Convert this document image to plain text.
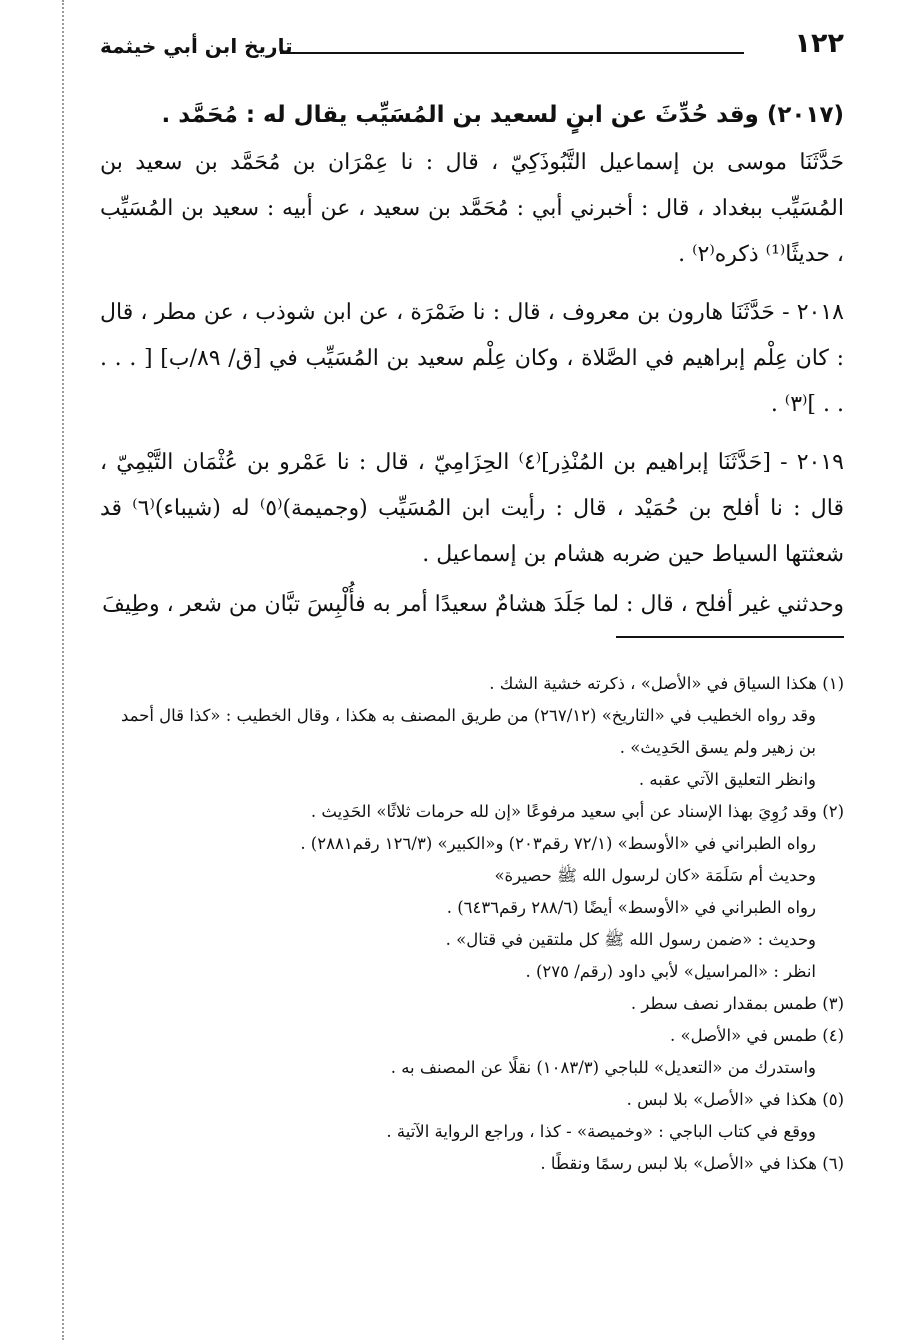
تاريخ ابن أبي خيثمة	١٢٢

(٢٠١٧) وقد حُدِّثَ عن ابنٍ لسعيد بن المُسَيِّب يقال له : مُحَمَّد .

حَدَّثَنَا موسى بن إسماعيل التَّبُوذَكِيّ ، قال : نا عِمْرَان بن مُحَمَّد بن سعيد بن المُسَيِّب ببغداد ، قال : أخبرني أبي : مُحَمَّد بن سعيد ، عن أبيه : سعيد بن المُسَيِّب ، حديثًا⁽¹⁾ ذكره⁽٢⁾ .

٢٠١٨ - حَدَّثَنَا هارون بن معروف ، قال : نا ضَمْرَة ، عن ابن شوذب ، عن مطر ، قال : كان عِلْم إبراهيم في الصَّلاة ، وكان عِلْم سعيد بن المُسَيِّب في [ق/ ٨٩/ب] [ . . . . . ]⁽٣⁾ .

٢٠١٩ - [حَدَّثَنَا إبراهيم بن المُنْذِر]⁽٤⁾ الحِزَامِيّ ، قال : نا عَمْرو بن عُثْمَان التَّيْمِيّ ، قال : نا أفلح بن حُمَيْد ، قال : رأيت ابن المُسَيِّب (وجميمة)⁽٥⁾ له (شيباء)⁽٦⁾ قد شعثتها السياط حين ضربه هشام بن إسماعيل .

وحدثني غير أفلح ، قال : لما جَلَدَ هشامٌ سعيدًا أمر به فأُلْبِسَ تبَّان من شعر ، وطِيفَ

(١) هكذا السياق في «الأصل» ، ذكرته خشية الشك .

وقد رواه الخطيب في «التاريخ» (٢٦٧/١٢) من طريق المصنف به هكذا ، وقال الخطيب : «كذا قال أحمد بن زهير ولم يسق الحَدِيث» .

وانظر التعليق الآتي عقبه .

(٢) وقد رُوِيَ بهذا الإسناد عن أبي سعيد مرفوعًا «إن لله حرمات ثلاثًا» الحَدِيث .

رواه الطبراني في «الأوسط» (٧٢/١ رقم٢٠٣) و«الكبير» (١٢٦/٣ رقم٢٨٨١) .

وحديث أم سَلَمَة «كان لرسول الله ﷺ حصيرة»

رواه الطبراني في «الأوسط» أيضًا (٢٨٨/٦ رقم٦٤٣٦) .

وحديث : «ضمن رسول الله ﷺ كل ملتقين في قتال» .

انظر : «المراسيل» لأبي داود (رقم/ ٢٧٥) .

(٣) طمس بمقدار نصف سطر .

(٤) طمس في «الأصل» .

واستدرك من «التعديل» للباجي (١٠٨٣/٣) نقلًا عن المصنف به .

(٥) هكذا في «الأصل» بلا لبس .

ووقع في كتاب الباجي : «وخميصة» - كذا ، وراجع الرواية الآتية .

(٦) هكذا في «الأصل» بلا لبس رسمًا ونقطًا .
